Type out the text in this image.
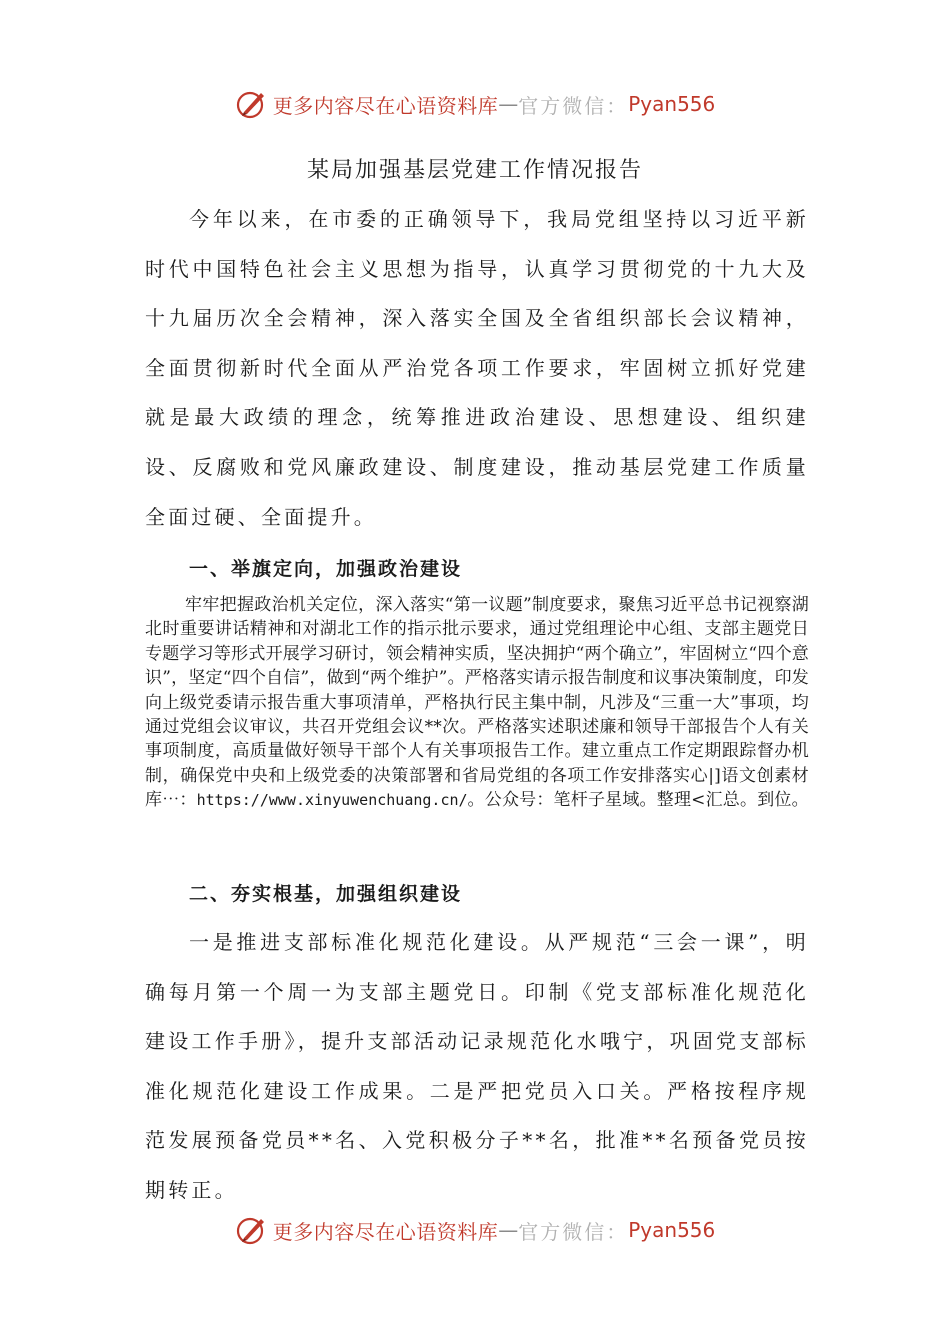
更多内容尽在心语资料库 — 官方微信： Pyan556
某局加强基层党建工作情况报告

今年以来，在市委的正确领导下，我局党组坚持以习近平新时代中国特色社会主义思想为指导，认真学习贯彻党的十九大及十九届历次全会精神，深入落实全国及全省组织部长会议精神，全面贯彻新时代全面从严治党各项工作要求，牢固树立抓好党建就是最大政绩的理念，统筹推进政治建设、思想建设、组织建设、反腐败和党风廉政建设、制度建设，推动基层党建工作质量全面过硬、全面提升。

一、举旗定向，加强政治建设

牢牢把握政治机关定位，深入落实“第一议题”制度要求，聚焦习近平总书记视察湖北时重要讲话精神和对湖北工作的指示批示要求，通过党组理论中心组、支部主题党日专题学习等形式开展学习研讨，领会精神实质，坚决拥护“两个确立”，牢固树立“四个意识”，坚定“四个自信”，做到“两个维护”。严格落实请示报告制度和议事决策制度，印发向上级党委请示报告重大事项清单，严格执行民主集中制，凡涉及“三重一大”事项，均通过党组会议审议，共召开党组会议**次。严格落实述职述廉和领导干部报告个人有关事项制度，高质量做好领导干部个人有关事项报告工作。建立重点工作定期跟踪督办机制，确保党中央和上级党委的决策部署和省局党组的各项工作安排落实心|]语文创素材库⋯：https://www.xinyuwenchuang.cn/。公众号：笔杆子星域。整理<汇总。到位。

二、夯实根基，加强组织建设

一是推进支部标准化规范化建设。从严规范“三会一课”，明确每月第一个周一为支部主题党日。印制《党支部标准化规范化建设工作手册》，提升支部活动记录规范化水哦宁，巩固党支部标准化规范化建设工作成果。二是严把党员入口关。严格按程序规范发展预备党员**名、入党积极分子**名，批准**名预备党员按期转正。

更多内容尽在心语资料库 — 官方微信： Pyan556
